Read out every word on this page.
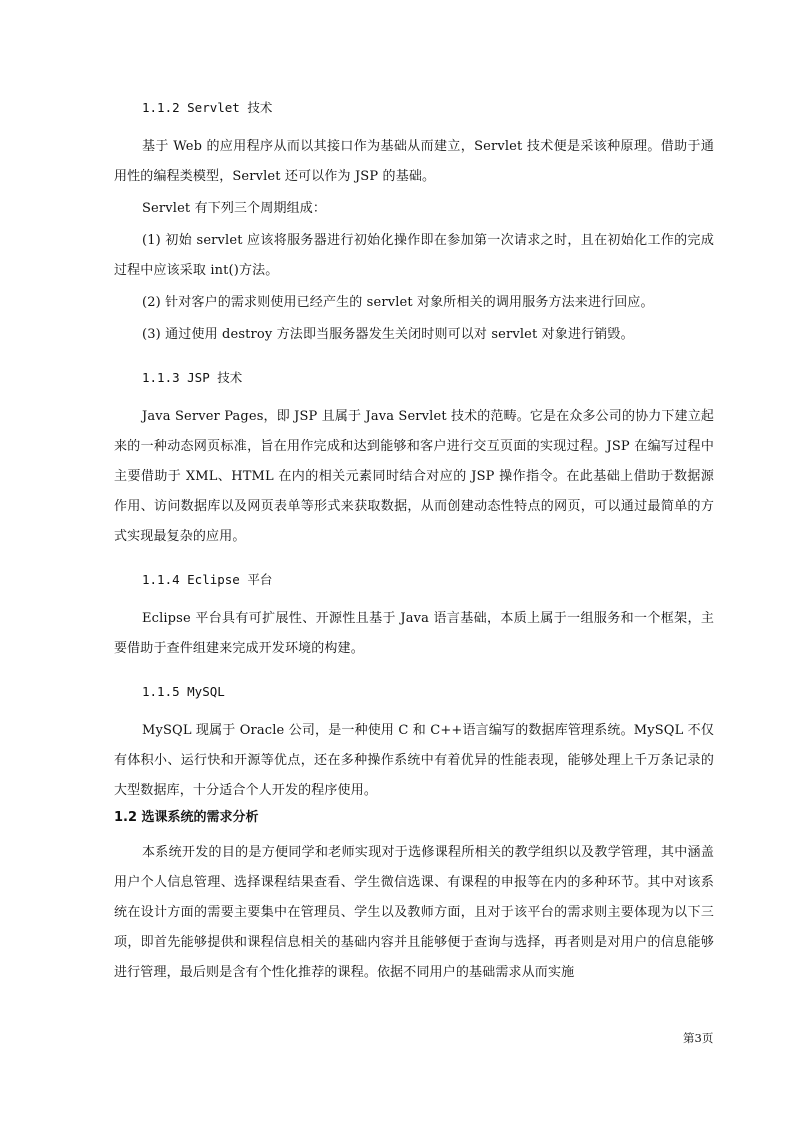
1.1.2 Servlet 技术

基于 Web 的应用程序从而以其接口作为基础从而建立，Servlet 技术便是采该种原理。借助于通用性的编程类模型，Servlet 还可以作为 JSP 的基础。

Servlet 有下列三个周期组成：

(1) 初始 servlet 应该将服务器进行初始化操作即在参加第一次请求之时，且在初始化工作的完成过程中应该采取 int()方法。

(2) 针对客户的需求则使用已经产生的 servlet 对象所相关的调用服务方法来进行回应。

(3) 通过使用 destroy 方法即当服务器发生关闭时则可以对 servlet 对象进行销毁。

1.1.3 JSP 技术

Java Server Pages，即 JSP 且属于 Java Servlet 技术的范畴。它是在众多公司的协力下建立起来的一种动态网页标准，旨在用作完成和达到能够和客户进行交互页面的实现过程。JSP 在编写过程中主要借助于 XML、HTML 在内的相关元素同时结合对应的 JSP 操作指令。在此基础上借助于数据源作用、访问数据库以及网页表单等形式来获取数据，从而创建动态性特点的网页，可以通过最简单的方式实现最复杂的应用。

1.1.4 Eclipse 平台

Eclipse 平台具有可扩展性、开源性且基于 Java 语言基础，本质上属于一组服务和一个框架，主要借助于查件组建来完成开发环境的构建。

1.1.5 MySQL

MySQL 现属于 Oracle 公司，是一种使用 C 和 C++语言编写的数据库管理系统。MySQL 不仅有体积小、运行快和开源等优点，还在多种操作系统中有着优异的性能表现，能够处理上千万条记录的大型数据库，十分适合个人开发的程序使用。

1.2 选课系统的需求分析

本系统开发的目的是方便同学和老师实现对于选修课程所相关的教学组织以及教学管理，其中涵盖用户个人信息管理、选择课程结果查看、学生微信选课、有课程的申报等在内的多种环节。其中对该系统在设计方面的需要主要集中在管理员、学生以及教师方面，且对于该平台的需求则主要体现为以下三项，即首先能够提供和课程信息相关的基础内容并且能够便于查询与选择，再者则是对用户的信息能够进行管理，最后则是含有个性化推荐的课程。依据不同用户的基础需求从而实施

第3页
